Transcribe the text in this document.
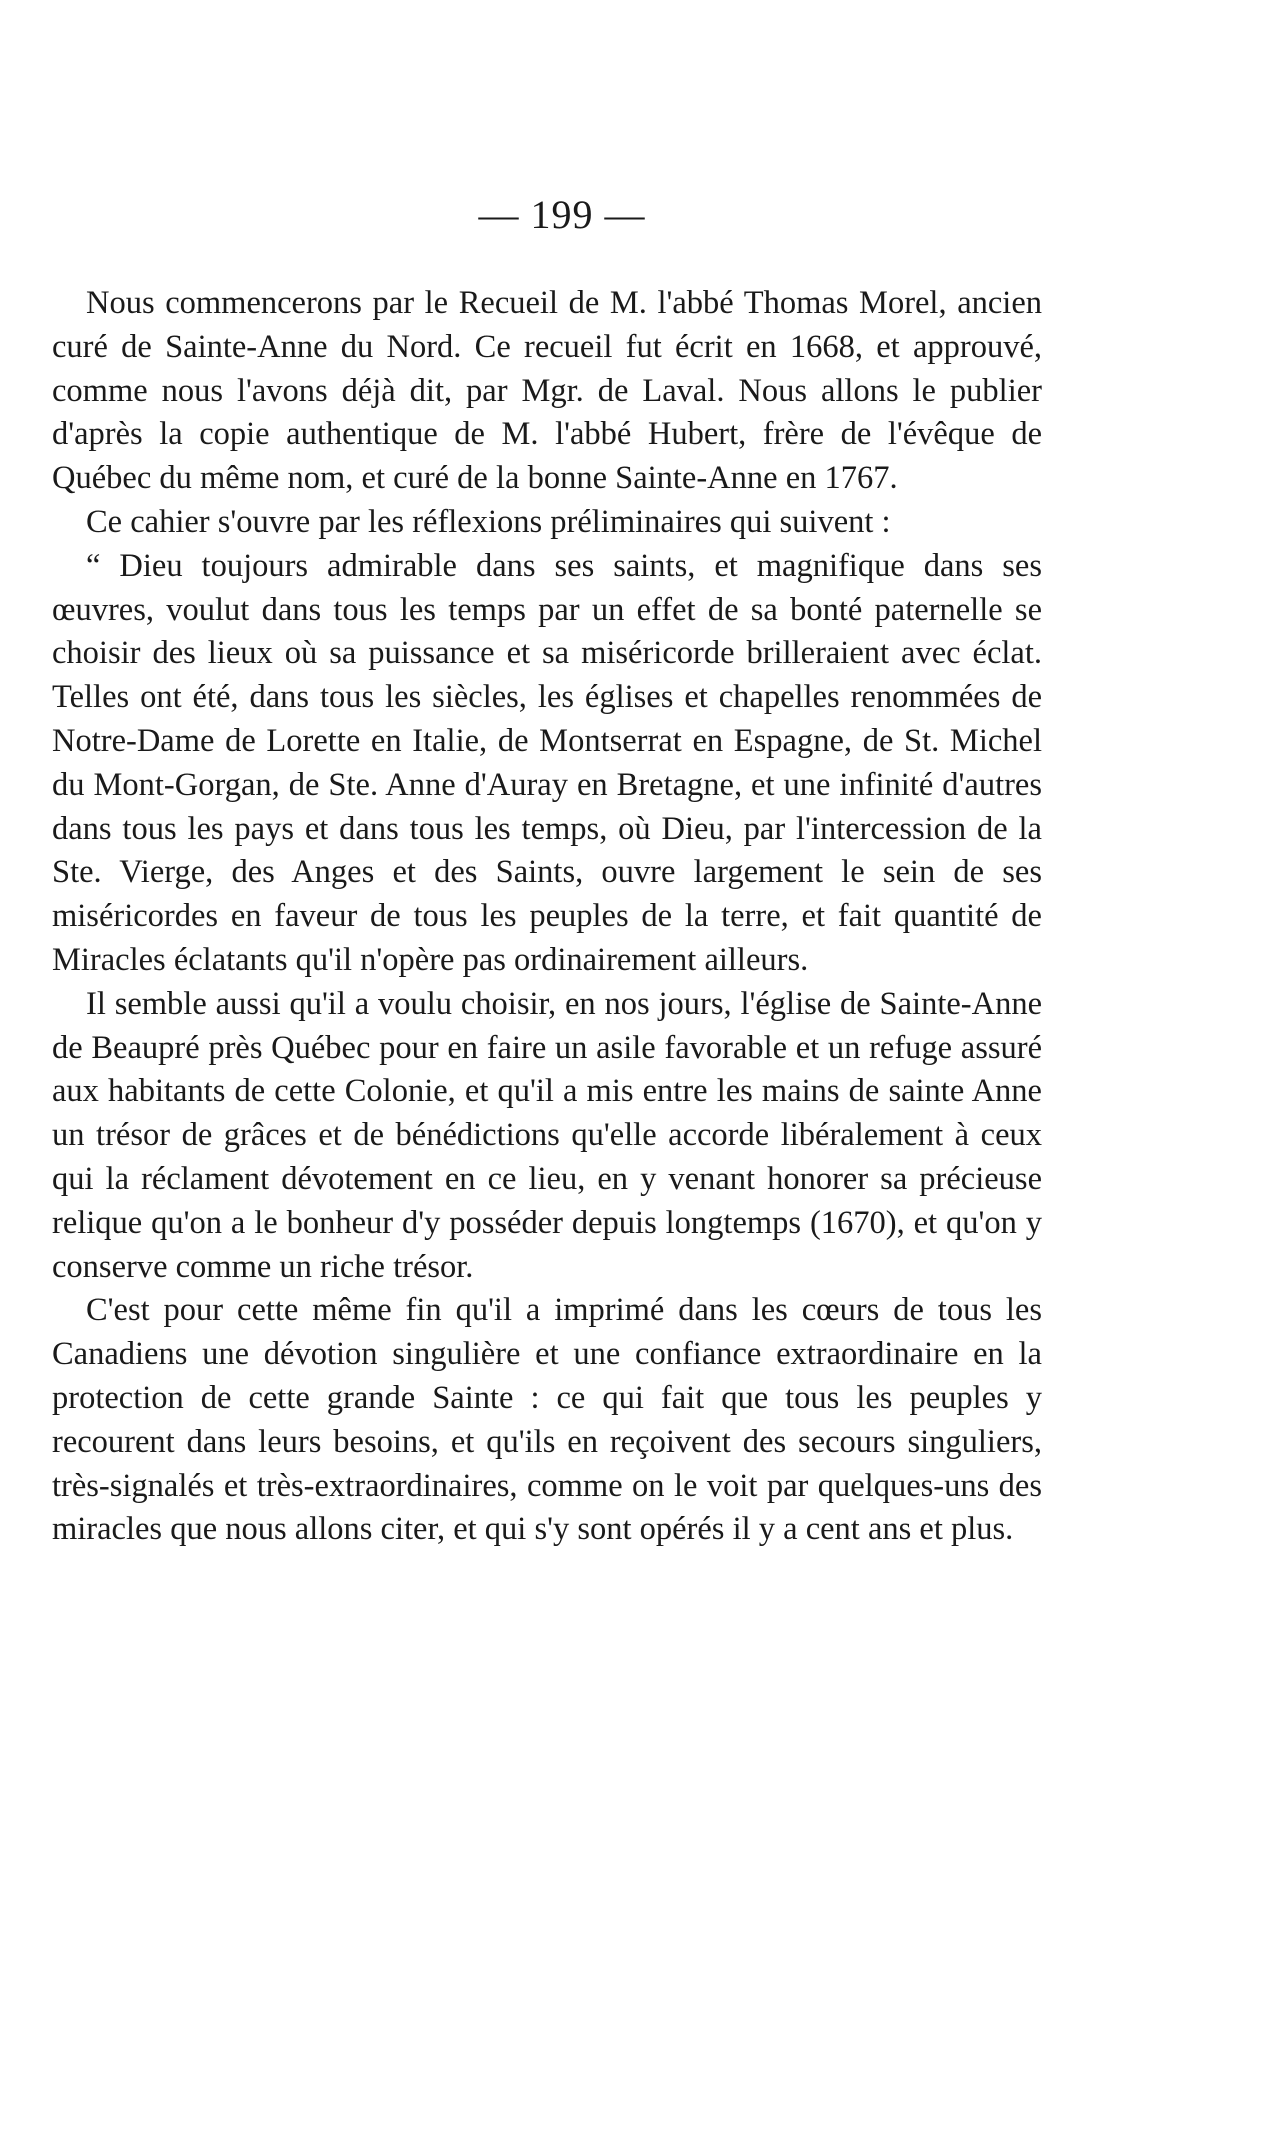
— 199 —

Nous commencerons par le Recueil de M. l'abbé Thomas Morel, ancien curé de Sainte-Anne du Nord. Ce recueil fut écrit en 1668, et approuvé, comme nous l'avons déjà dit, par Mgr. de Laval. Nous allons le publier d'après la copie authentique de M. l'abbé Hubert, frère de l'évêque de Québec du même nom, et curé de la bonne Sainte-Anne en 1767.

Ce cahier s'ouvre par les réflexions préliminaires qui suivent :

“ Dieu toujours admirable dans ses saints, et magnifique dans ses œuvres, voulut dans tous les temps par un effet de sa bonté paternelle se choisir des lieux où sa puissance et sa miséricorde brilleraient avec éclat. Telles ont été, dans tous les siècles, les églises et chapelles renommées de Notre-Dame de Lorette en Italie, de Montserrat en Espagne, de St. Michel du Mont-Gorgan, de Ste. Anne d'Auray en Bretagne, et une infinité d'autres dans tous les pays et dans tous les temps, où Dieu, par l'intercession de la Ste. Vierge, des Anges et des Saints, ouvre largement le sein de ses miséricordes en faveur de tous les peuples de la terre, et fait quantité de Miracles éclatants qu'il n'opère pas ordinairement ailleurs.

Il semble aussi qu'il a voulu choisir, en nos jours, l'église de Sainte-Anne de Beaupré près Québec pour en faire un asile favorable et un refuge assuré aux habitants de cette Colonie, et qu'il a mis entre les mains de sainte Anne un trésor de grâces et de bénédictions qu'elle accorde libéralement à ceux qui la réclament dévotement en ce lieu, en y venant honorer sa précieuse relique qu'on a le bonheur d'y posséder depuis longtemps (1670), et qu'on y conserve comme un riche trésor.

C'est pour cette même fin qu'il a imprimé dans les cœurs de tous les Canadiens une dévotion singulière et une confiance extraordinaire en la protection de cette grande Sainte : ce qui fait que tous les peuples y recourent dans leurs besoins, et qu'ils en reçoivent des secours singuliers, très-signalés et très-extraordinaires, comme on le voit par quelques-uns des miracles que nous allons citer, et qui s'y sont opérés il y a cent ans et plus.
